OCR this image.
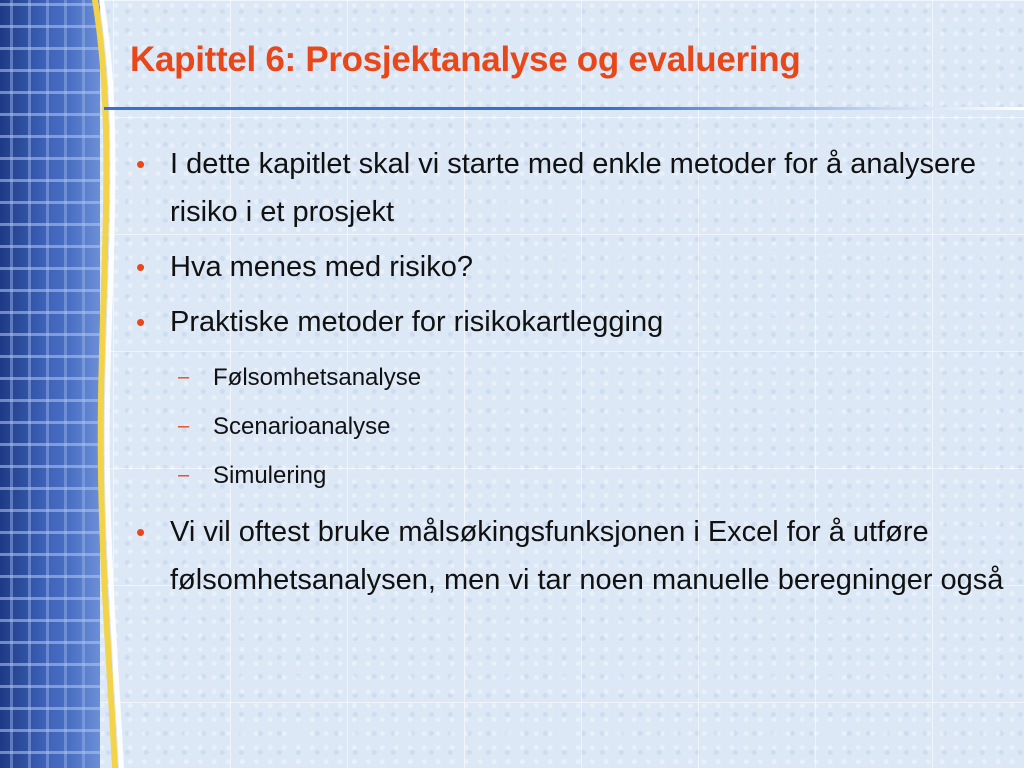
Kapittel 6: Prosjektanalyse og evaluering
• I dette kapitlet skal vi starte med enkle metoder for å analysere risiko i et prosjekt
• Hva menes med risiko?
• Praktiske metoder for risikokartlegging
– Følsomhetsanalyse
– Scenarioanalyse
– Simulering
• Vi vil oftest bruke målsøkingsfunksjonen i Excel for å utføre følsomhetsanalysen, men vi tar noen manuelle beregninger også
